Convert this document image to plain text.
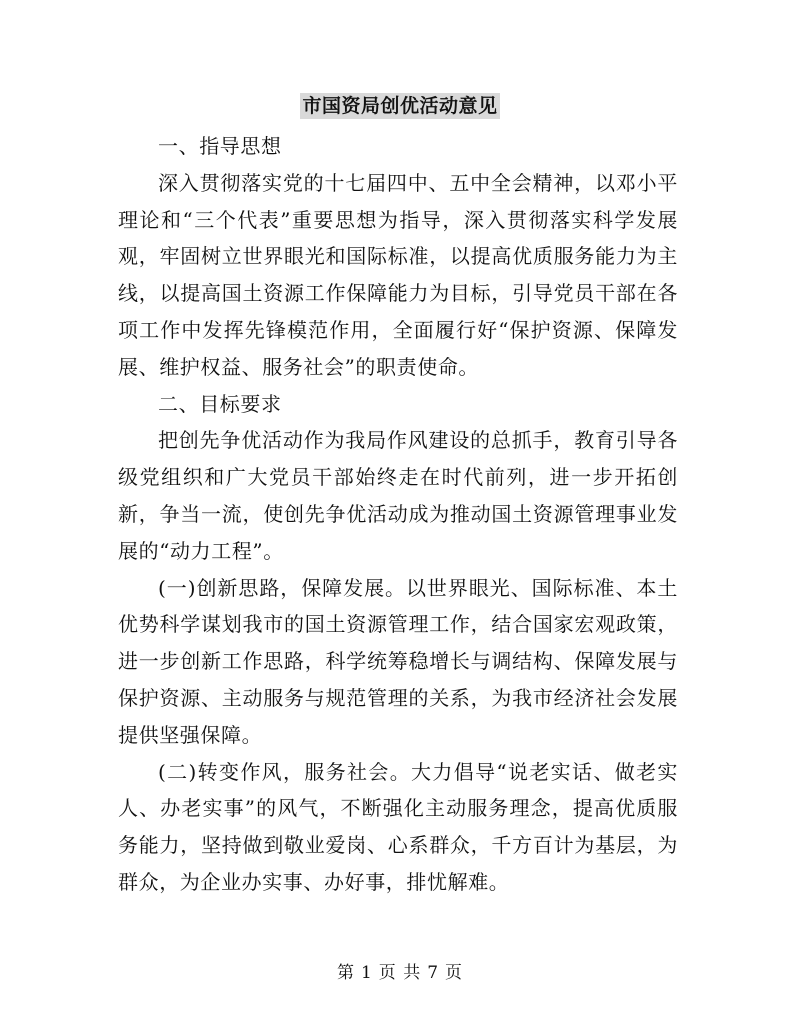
市国资局创优活动意见

一、指导思想

深入贯彻落实党的十七届四中、五中全会精神，以邓小平理论和“三个代表”重要思想为指导，深入贯彻落实科学发展观，牢固树立世界眼光和国际标准，以提高优质服务能力为主线，以提高国土资源工作保障能力为目标，引导党员干部在各项工作中发挥先锋模范作用，全面履行好“保护资源、保障发展、维护权益、服务社会”的职责使命。

二、目标要求

把创先争优活动作为我局作风建设的总抓手，教育引导各级党组织和广大党员干部始终走在时代前列，进一步开拓创新，争当一流，使创先争优活动成为推动国土资源管理事业发展的“动力工程”。

(一)创新思路，保障发展。以世界眼光、国际标准、本土优势科学谋划我市的国土资源管理工作，结合国家宏观政策，进一步创新工作思路，科学统筹稳增长与调结构、保障发展与保护资源、主动服务与规范管理的关系，为我市经济社会发展提供坚强保障。

(二)转变作风，服务社会。大力倡导“说老实话、做老实人、办老实事”的风气，不断强化主动服务理念，提高优质服务能力，坚持做到敬业爱岗、心系群众，千方百计为基层，为群众，为企业办实事、办好事，排忧解难。

第 1 页 共 7 页
